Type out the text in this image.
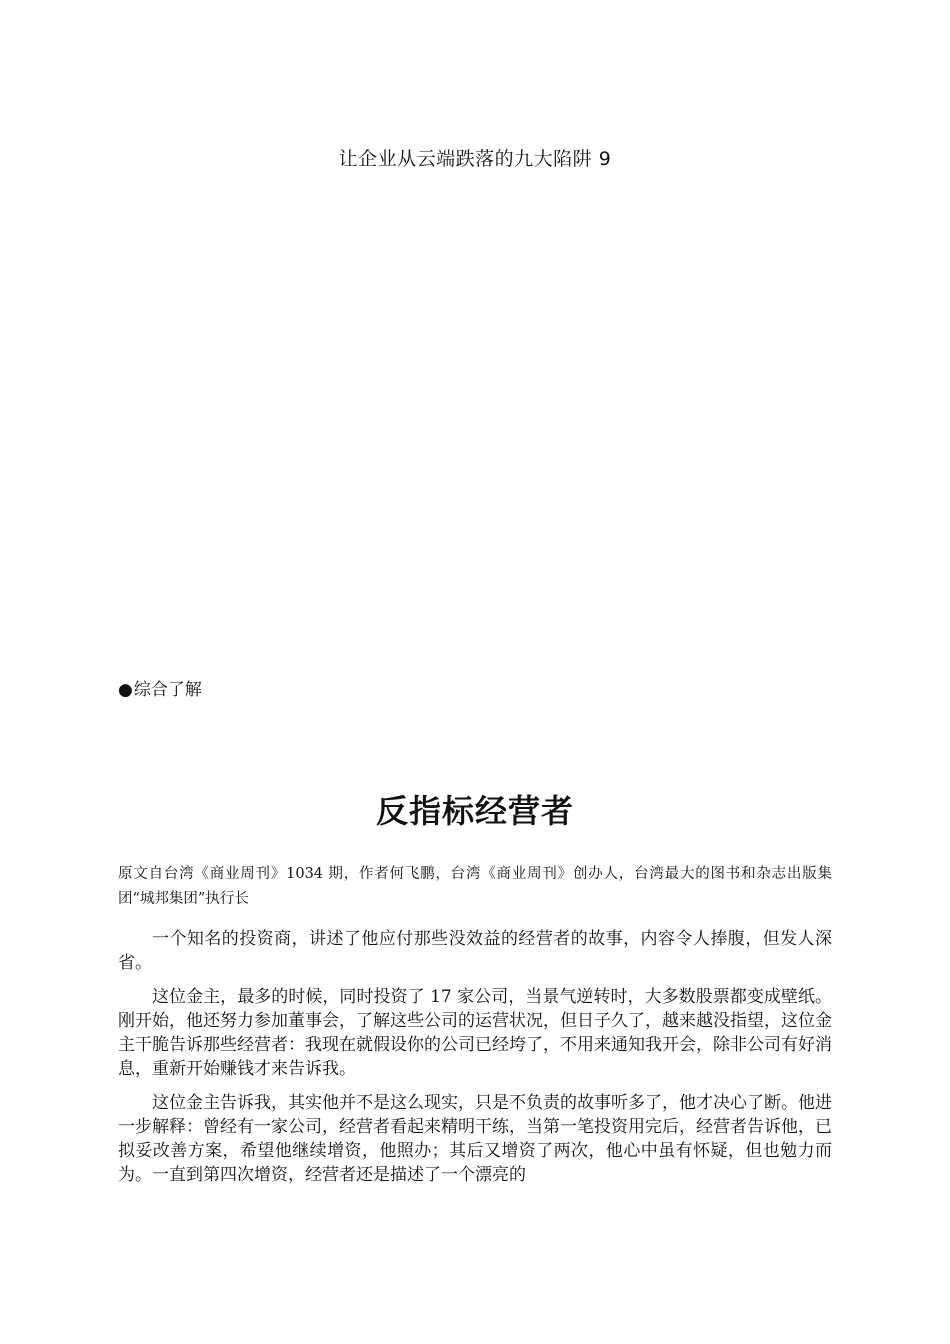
让企业从云端跌落的九大陷阱 9
●综合了解
反指标经营者
原文自台湾《商业周刊》1034 期，作者何飞鹏，台湾《商业周刊》创办人，台湾最大的图书和杂志出版集团“城邦集团”执行长

一个知名的投资商，讲述了他应付那些没效益的经营者的故事，内容令人捧腹，但发人深省。

这位金主，最多的时候，同时投资了 17 家公司，当景气逆转时，大多数股票都变成壁纸。刚开始，他还努力参加董事会，了解这些公司的运营状况，但日子久了，越来越没指望，这位金主干脆告诉那些经营者：我现在就假设你的公司已经垮了，不用来通知我开会，除非公司有好消息，重新开始赚钱才来告诉我。

这位金主告诉我，其实他并不是这么现实，只是不负责的故事听多了，他才决心了断。他进一步解释：曾经有一家公司，经营者看起来精明干练，当第一笔投资用完后，经营者告诉他，已拟妥改善方案，希望他继续增资，他照办；其后又增资了两次，他心中虽有怀疑，但也勉力而为。一直到第四次增资，经营者还是描述了一个漂亮的
